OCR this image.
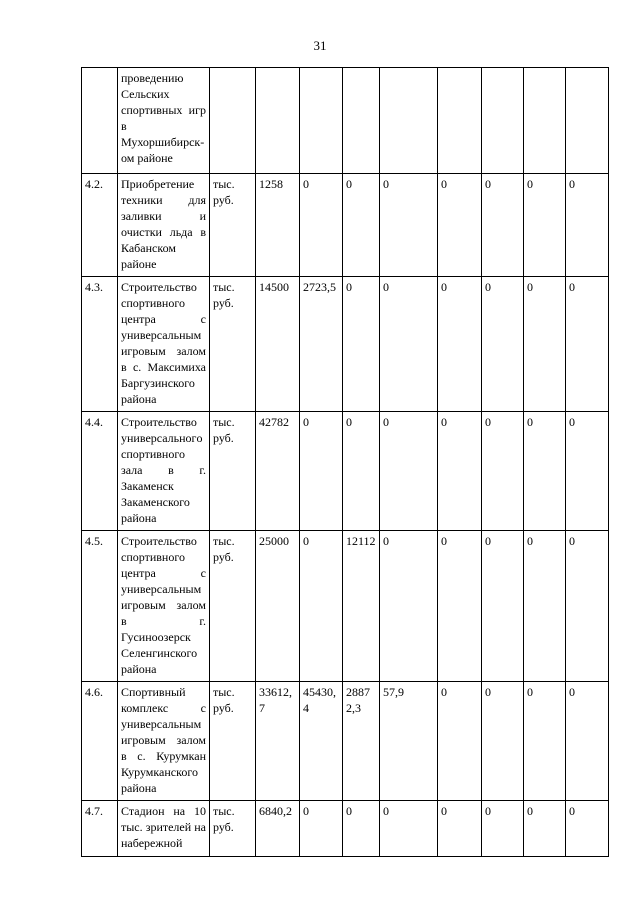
31
	проведению Сельских спортивных игр в Мухоршибирском районе									
4.2.	Приобретение техники для заливки и очистки льда в Кабанском районе	тыс. руб.	1258	0	0	0	0	0	0	0
4.3.	Строительство спортивного центра с универсальным игровым залом в с. Максимиха Баргузинского района	тыс. руб.	14500	2723,5	0	0	0	0	0	0
4.4.	Строительство универсальногo спортивного зала в г. Закаменск Закаменского района	тыс. руб.	42782	0	0	0	0	0	0	0
4.5.	Строительство спортивного центра с универсальным игровым залом в г. Гусиноозерск Селенгинского района	тыс. руб.	25000	0	1211​2	0	0	0	0	0
4.6.	Спортивный комплекс с универсальным игровым залом в с. Курумкан Курумканского района	тыс. руб.	33612,​7	45430,​4	2887​2,3	57,9	0	0	0	0
4.7.	Стадион на 10 тыс. зрителей на набережной	тыс. руб.	6840,2	0	0	0	0	0	0	0
